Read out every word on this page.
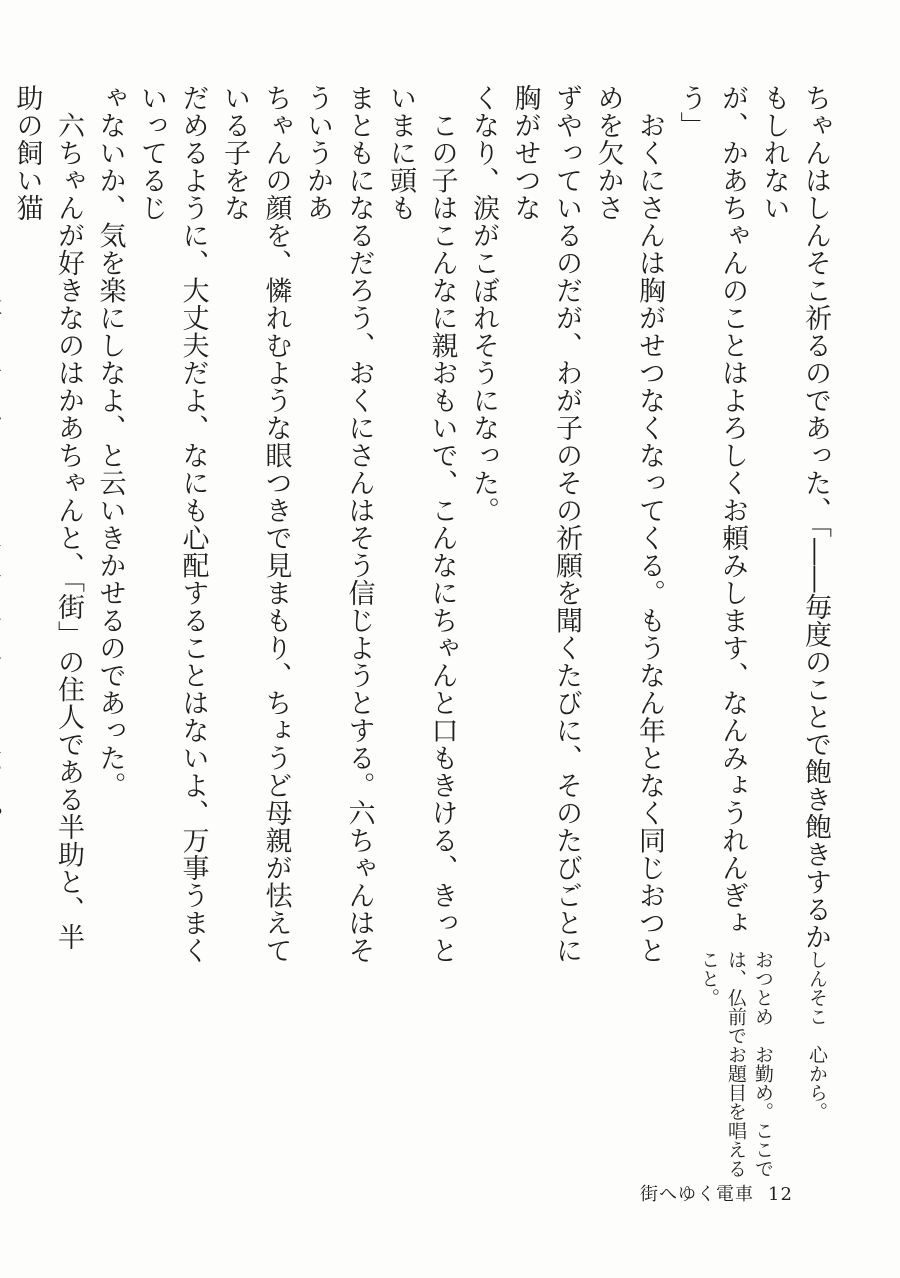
ちゃんはしんそこ祈るのであった、「――毎度のことで飽き飽きするかもしれない

が、かあちゃんのことはよろしくお頼みします、なんみょうれんぎょう」

　おくにさんは胸がせつなくなってくる。もうなん年となく同じおつとめを欠かさ

ずやっているのだが、わが子のその祈願を聞くたびに、そのたびごとに胸がせつな

くなり、涙がこぼれそうになった。

　この子はこんなに親おもいで、こんなにちゃんと口もきける、きっといまに頭も

まともになるだろう、おくにさんはそう信じようとする。六ちゃんはそういうかあ

ちゃんの顔を、憐れむような眼つきで見まもり、ちょうど母親が怯えている子をな

だめるように、大丈夫だよ、なにも心配することはないよ、万事うまくいってるじ

ゃないか、気を楽にしなよ、と云いきかせるのであった。

　六ちゃんが好きなのはかあちゃんと、「街」の住人である半助と、半助の飼い猫

しんそこ　心から。

おつとめ　お勤め。ここで

は、仏前でお題目を唱える

こと。

街へゆく電車 12
